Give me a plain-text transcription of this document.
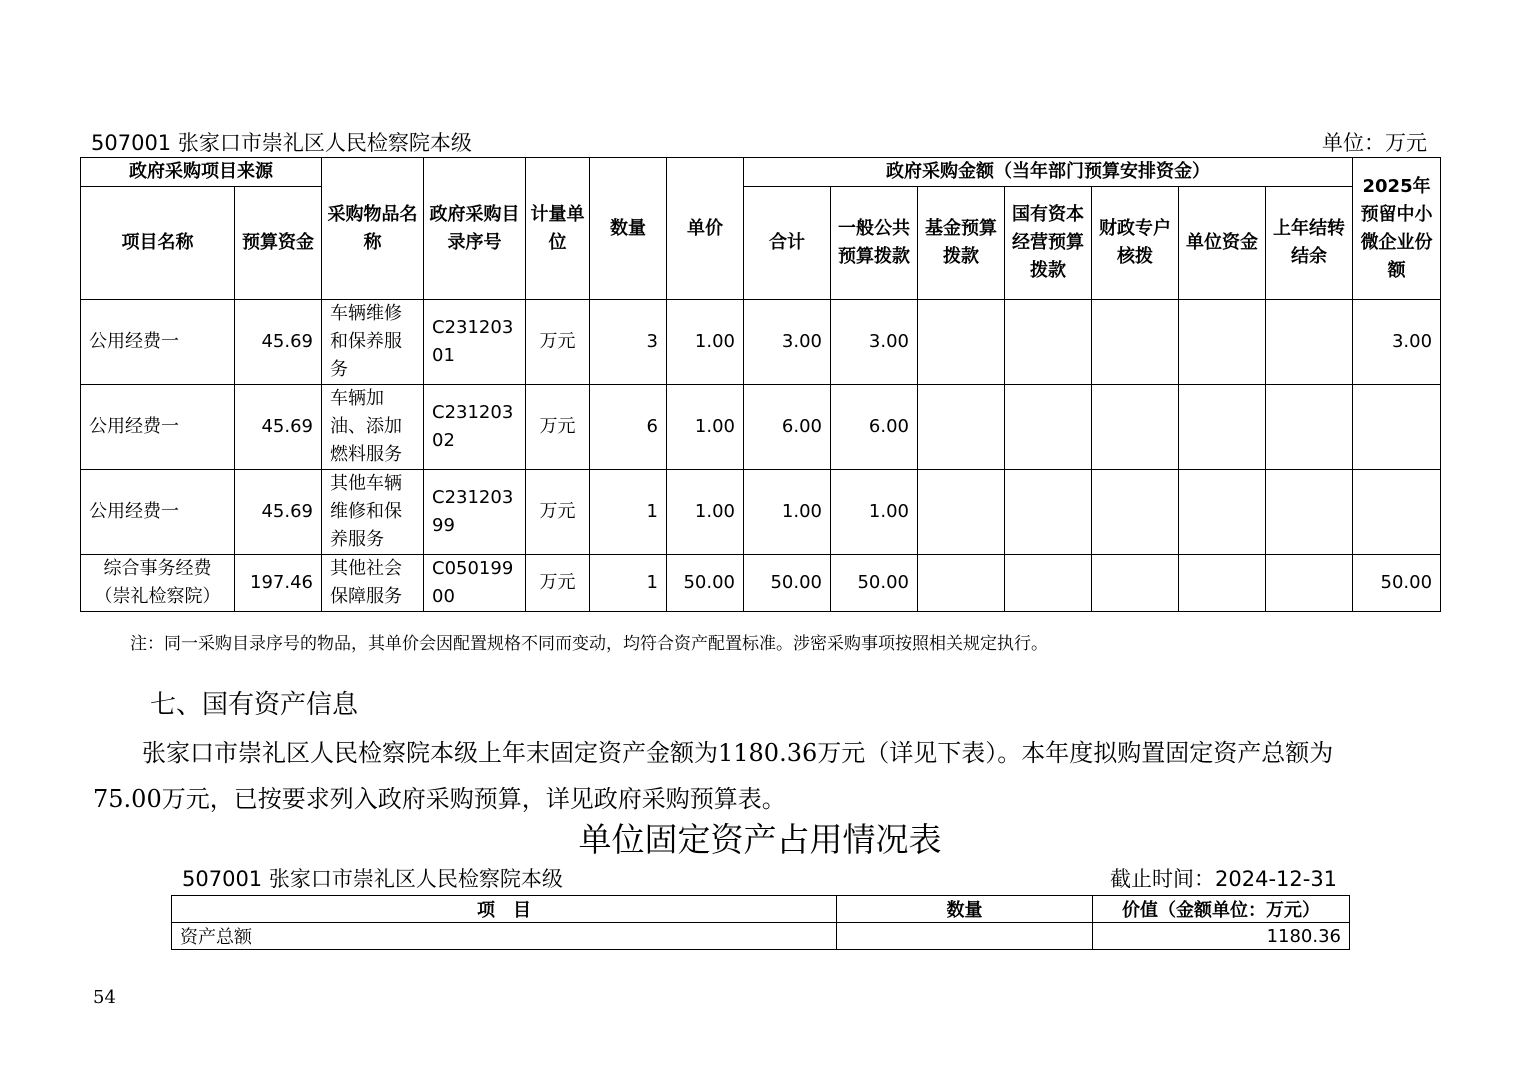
507001 张家口市崇礼区人民检察院本级	单位：万元
政府采购项目来源		采购物品名称	政府采购目录序号	计量单位	数量	单价	政府采购金额（当年部门预算安排资金）							2025年 预留中小微企业份额
项目名称	预算资金						合计	一般公共预算拨款	基金预算拨款	国有资本经营预算拨款	财政专户核拨	单位资金	上年结转结余	
公用经费一	45.69	车辆维修和保养服务	C23120301	万元	3	1.00	3.00	3.00						3.00
公用经费一	45.69	车辆加油、添加燃料服务	C23120302	万元	6	1.00	6.00	6.00						
公用经费一	45.69	其他车辆维修和保养服务	C23120399	万元	1	1.00	1.00	1.00						
综合事务经费（崇礼检察院）	197.46	其他社会保障服务	C05019900	万元	1	50.00	50.00	50.00						50.00
注：同一采购目录序号的物品，其单价会因配置规格不同而变动，均符合资产配置标准。涉密采购事项按照相关规定执行。
七、国有资产信息
张家口市崇礼区人民检察院本级上年末固定资产金额为1180.36万元（详见下表）。本年度拟购置固定资产总额为
75.00万元，已按要求列入政府采购预算，详见政府采购预算表。
单位固定资产占用情况表
507001 张家口市崇礼区人民检察院本级	截止时间：2024-12-31
项　目	数量	价值（金额单位：万元）
资产总额		1180.36
54
